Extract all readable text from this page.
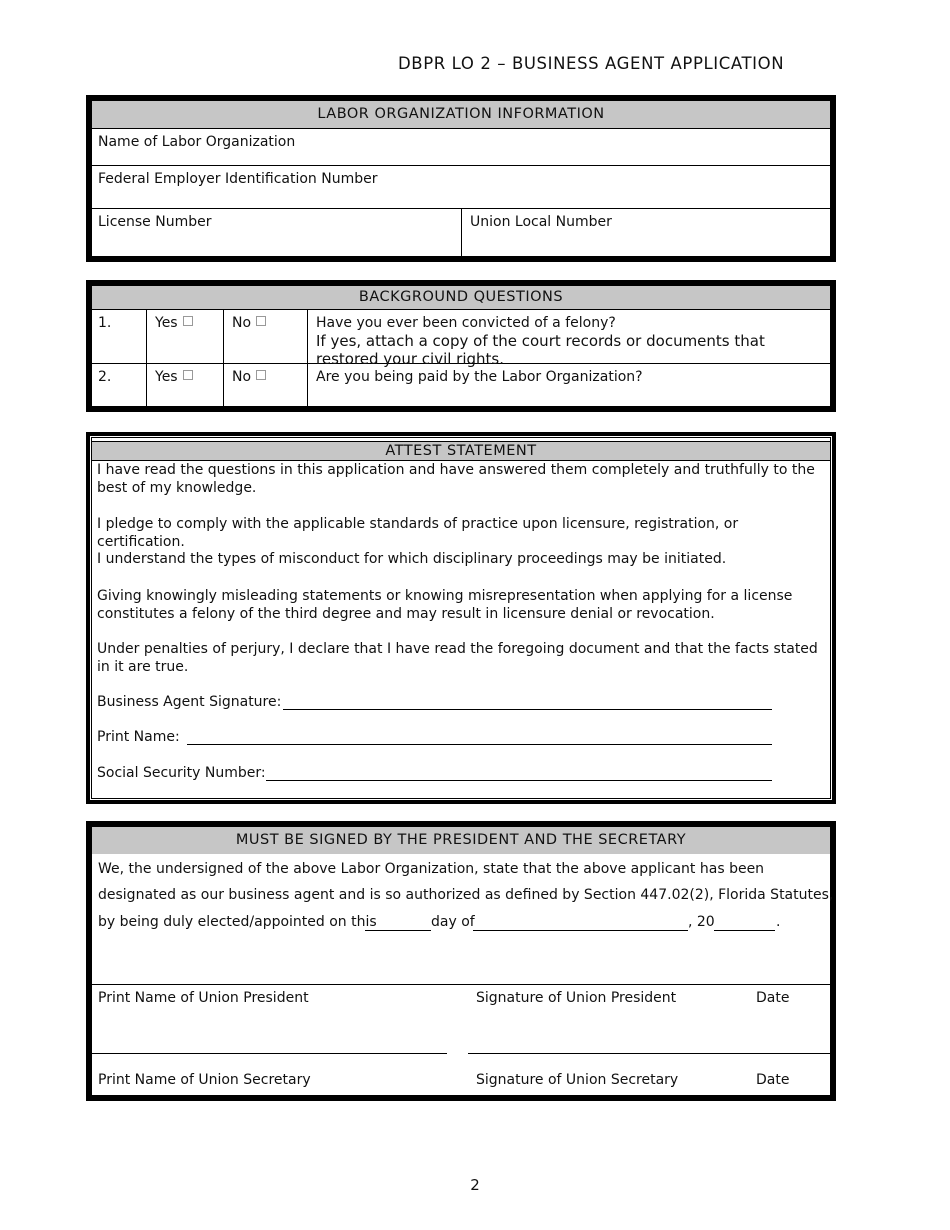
DBPR LO 2 – BUSINESS AGENT APPLICATION
LABOR ORGANIZATION INFORMATION
Name of Labor Organization
Federal Employer Identification Number
License Number	Union Local Number
BACKGROUND QUESTIONS
1.	Yes	No	Have you ever been convicted of a felony?
If yes, attach a copy of the court records or documents that restored your civil rights.
2.	Yes	No	Are you being paid by the Labor Organization?
ATTEST STATEMENT
I have read the questions in this application and have answered them completely and truthfully to the best of my knowledge.
I pledge to comply with the applicable standards of practice upon licensure, registration, or certification.
I understand the types of misconduct for which disciplinary proceedings may be initiated.
Giving knowingly misleading statements or knowing misrepresentation when applying for a license constitutes a felony of the third degree and may result in licensure denial or revocation.
Under penalties of perjury, I declare that I have read the foregoing document and that the facts stated in it are true.
Business Agent Signature:
Print Name:
Social Security Number:
MUST BE SIGNED BY THE PRESIDENT AND THE SECRETARY
We, the undersigned of the above Labor Organization, state that the above applicant has been
designated as our business agent and is so authorized as defined by Section 447.02(2), Florida Statutes,
by being duly elected/appointed on this	day of	, 20	.
Print Name of Union President	Signature of Union President	Date
Print Name of Union Secretary	Signature of Union Secretary	Date
2
